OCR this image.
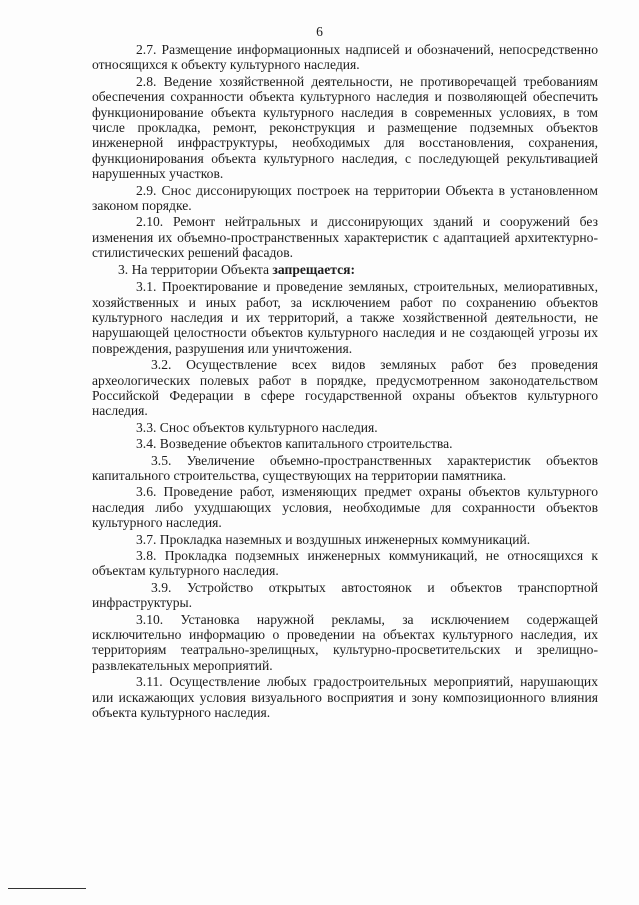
6

2.7. Размещение информационных надписей и обозначений, непосредственно относящихся к объекту культурного наследия.

2.8. Ведение хозяйственной деятельности, не противоречащей требованиям обеспечения сохранности объекта культурного наследия и позволяющей обеспечить функционирование объекта культурного наследия в современных условиях, в том числе прокладка, ремонт, реконструкция и размещение подземных объектов инженерной инфраструктуры, необходимых для восстановления, сохранения, функционирования объекта культурного наследия, с последующей рекультивацией нарушенных участков.

2.9. Снос диссонирующих построек на территории Объекта в установленном законом порядке.

2.10. Ремонт нейтральных и диссонирующих зданий и сооружений без изменения их объемно-пространственных характеристик с адаптацией архитектурно-стилистических решений фасадов.

3. На территории Объекта запрещается:

3.1. Проектирование и проведение земляных, строительных, мелиоративных, хозяйственных и иных работ, за исключением работ по сохранению объектов культурного наследия и их территорий, а также хозяйственной деятельности, не нарушающей целостности объектов культурного наследия и не создающей угрозы их повреждения, разрушения или уничтожения.

3.2. Осуществление всех видов земляных работ без проведения археологических полевых работ в порядке, предусмотренном законодательством Российской Федерации в сфере государственной охраны объектов культурного наследия.

3.3. Снос объектов культурного наследия.

3.4. Возведение объектов капитального строительства.

3.5. Увеличение объемно-пространственных характеристик объектов капитального строительства, существующих на территории памятника.

3.6. Проведение работ, изменяющих предмет охраны объектов культурного наследия либо ухудшающих условия, необходимые для сохранности объектов культурного наследия.

3.7. Прокладка наземных и воздушных инженерных коммуникаций.

3.8. Прокладка подземных инженерных коммуникаций, не относящихся к объектам культурного наследия.

3.9. Устройство открытых автостоянок и объектов транспортной инфраструктуры.

3.10. Установка наружной рекламы, за исключением содержащей исключительно информацию о проведении на объектах культурного наследия, их территориям театрально-зрелищных, культурно-просветительских и зрелищно-развлекательных мероприятий.

3.11. Осуществление любых градостроительных мероприятий, нарушающих или искажающих условия визуального восприятия и зону композиционного влияния объекта культурного наследия.
